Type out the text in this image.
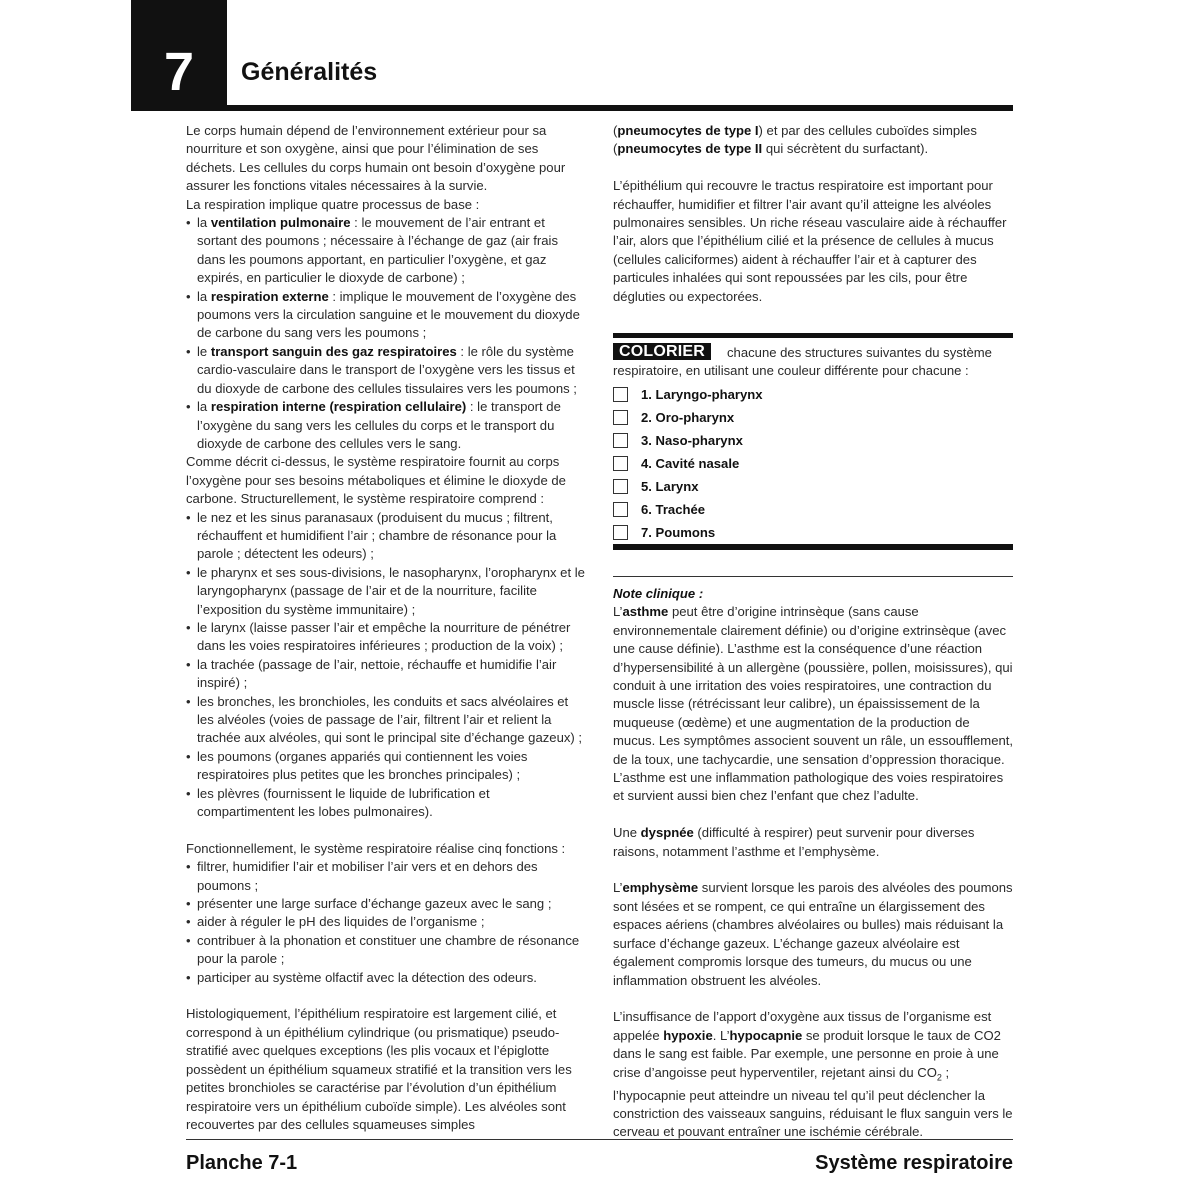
7	Généralités

Le corps humain dépend de l’environnement extérieur pour sa nourriture et son oxygène, ainsi que pour l’élimination de ses déchets. Les cellules du corps humain ont besoin d’oxygène pour assurer les fonctions vitales nécessaires à la survie.

La respiration implique quatre processus de base :

• la ventilation pulmonaire : le mouvement de l’air entrant et sortant des poumons ; nécessaire à l’échange de gaz (air frais dans les poumons apportant, en particulier l’oxygène, et gaz expirés, en particulier le dioxyde de carbone) ;
• la respiration externe : implique le mouvement de l’oxygène des poumons vers la circulation sanguine et le mouvement du dioxyde de carbone du sang vers les poumons ;
• le transport sanguin des gaz respiratoires : le rôle du système cardio-vasculaire dans le transport de l’oxygène vers les tissus et du dioxyde de carbone des cellules tissulaires vers les poumons ;
• la respiration interne (respiration cellulaire) : le transport de l’oxygène du sang vers les cellules du corps et le transport du dioxyde de carbone des cellules vers le sang.

Comme décrit ci-dessus, le système respiratoire fournit au corps l’oxygène pour ses besoins métaboliques et élimine le dioxyde de carbone. Structurellement, le système respiratoire comprend :

• le nez et les sinus paranasaux (produisent du mucus ; filtrent, réchauffent et humidifient l’air ; chambre de résonance pour la parole ; détectent les odeurs) ;
• le pharynx et ses sous-divisions, le nasopharynx, l’oropharynx et le laryngopharynx (passage de l’air et de la nourriture, facilite l’exposition du système immunitaire) ;
• le larynx (laisse passer l’air et empêche la nourriture de pénétrer dans les voies respiratoires inférieures ; production de la voix) ;
• la trachée (passage de l’air, nettoie, réchauffe et humidifie l’air inspiré) ;
• les bronches, les bronchioles, les conduits et sacs alvéolaires et les alvéoles (voies de passage de l’air, filtrent l’air et relient la trachée aux alvéoles, qui sont le principal site d’échange gazeux) ;
• les poumons (organes appariés qui contiennent les voies respiratoires plus petites que les bronches principales) ;
• les plèvres (fournissent le liquide de lubrification et compartimentent les lobes pulmonaires).

Fonctionnellement, le système respiratoire réalise cinq fonctions :

• filtrer, humidifier l’air et mobiliser l’air vers et en dehors des poumons ;
• présenter une large surface d’échange gazeux avec le sang ;
• aider à réguler le pH des liquides de l’organisme ;
• contribuer à la phonation et constituer une chambre de résonance pour la parole ;
• participer au système olfactif avec la détection des odeurs.

Histologiquement, l’épithélium respiratoire est largement cilié, et correspond à un épithélium cylindrique (ou prismatique) pseudo-stratifié avec quelques exceptions (les plis vocaux et l’épiglotte possèdent un épithélium squameux stratifié et la transition vers les petites bronchioles se caractérise par l’évolution d’un épithélium respiratoire vers un épithélium cuboïde simple). Les alvéoles sont recouvertes par des cellules squameuses simples

(pneumocytes de type I) et par des cellules cuboïdes simples (pneumocytes de type II qui sécrètent du surfactant).

L’épithélium qui recouvre le tractus respiratoire est important pour réchauffer, humidifier et filtrer l’air avant qu’il atteigne les alvéoles pulmonaires sensibles. Un riche réseau vasculaire aide à réchauffer l’air, alors que l’épithélium cilié et la présence de cellules à mucus (cellules caliciformes) aident à réchauffer l’air et à capturer des particules inhalées qui sont repoussées par les cils, pour être dégluties ou expectorées.

chacune des structures suivantes du système respiratoire, en utilisant une couleur différente pour chacune :
COLORIER
1. Laryngo-pharynx
2. Oro-pharynx
3. Naso-pharynx
4. Cavité nasale
5. Larynx
6. Trachée
7. Poumons

Note clinique :

L’asthme peut être d’origine intrinsèque (sans cause environnementale clairement définie) ou d’origine extrinsèque (avec une cause définie). L’asthme est la conséquence d’une réaction d’hypersensibilité à un allergène (poussière, pollen, moisissures), qui conduit à une irritation des voies respiratoires, une contraction du muscle lisse (rétrécissant leur calibre), un épaississement de la muqueuse (œdème) et une augmentation de la production de mucus. Les symptômes associent souvent un râle, un essoufflement, de la toux, une tachycardie, une sensation d’oppression thoracique. L’asthme est une inflammation pathologique des voies respiratoires et survient aussi bien chez l’enfant que chez l’adulte.

Une dyspnée (difficulté à respirer) peut survenir pour diverses raisons, notamment l’asthme et l’emphysème.

L’emphysème survient lorsque les parois des alvéoles des poumons sont lésées et se rompent, ce qui entraîne un élargissement des espaces aériens (chambres alvéolaires ou bulles) mais réduisant la surface d’échange gazeux. L’échange gazeux alvéolaire est également compromis lorsque des tumeurs, du mucus ou une inflammation obstruent les alvéoles.

L’insuffisance de l’apport d’oxygène aux tissus de l’organisme est appelée hypoxie. L’hypocapnie se produit lorsque le taux de CO2 dans le sang est faible. Par exemple, une personne en proie à une crise d’angoisse peut hyperventiler, rejetant ainsi du $CO_2$ ; l’hypocapnie peut atteindre un niveau tel qu’il peut déclencher la constriction des vaisseaux sanguins, réduisant le flux sanguin vers le cerveau et pouvant entraîner une ischémie cérébrale.

Planche 7-1	Système respiratoire
